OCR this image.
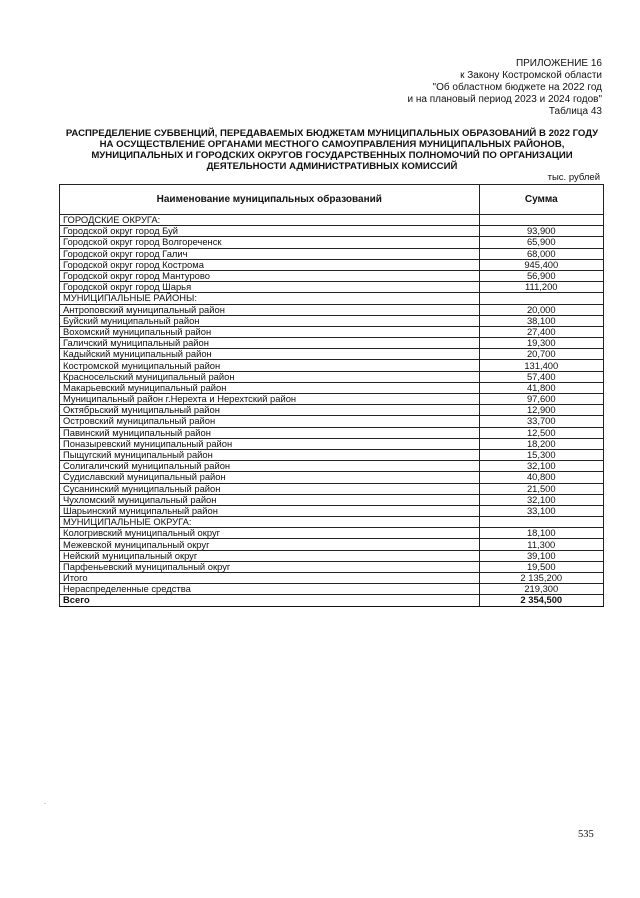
ПРИЛОЖЕНИЕ 16
к Закону Костромской области
"Об областном бюджете на 2022 год
и на плановый период 2023 и 2024 годов"
Таблица 43
РАСПРЕДЕЛЕНИЕ СУБВЕНЦИЙ, ПЕРЕДАВАЕМЫХ БЮДЖЕТАМ МУНИЦИПАЛЬНЫХ ОБРАЗОВАНИЙ В 2022 ГОДУ
НА ОСУЩЕСТВЛЕНИЕ ОРГАНАМИ МЕСТНОГО САМОУПРАВЛЕНИЯ МУНИЦИПАЛЬНЫХ РАЙОНОВ,
МУНИЦИПАЛЬНЫХ И ГОРОДСКИХ ОКРУГОВ ГОСУДАРСТВЕННЫХ ПОЛНОМОЧИЙ ПО ОРГАНИЗАЦИИ
ДЕЯТЕЛЬНОСТИ АДМИНИСТРАТИВНЫХ КОМИССИЙ
тыс. рублей
Наименование муниципальных образований	Сумма
ГОРОДСКИЕ ОКРУГА:	
Городской округ город Буй	93,900
Городской округ город Волгореченск	65,900
Городской округ город Галич	68,000
Городской округ город Кострома	945,400
Городской округ город Мантурово	56,900
Городской округ город Шарья	111,200
МУНИЦИПАЛЬНЫЕ РАЙОНЫ:	
Антроповский муниципальный район	20,000
Буйский муниципальный район	38,100
Вохомский муниципальный район	27,400
Галичский муниципальный район	19,300
Кадыйский муниципальный район	20,700
Костромской муниципальный район	131,400
Красносельский муниципальный район	57,400
Макарьевский муниципальный район	41,800
Муниципальный район г.Нерехта и Нерехтский район	97,600
Октябрьский муниципальный район	12,900
Островский муниципальный район	33,700
Павинский муниципальный район	12,500
Поназыревский муниципальный район	18,200
Пыщугский муниципальный район	15,300
Солигаличский муниципальный район	32,100
Судиславский муниципальный район	40,800
Сусанинский муниципальный район	21,500
Чухломский муниципальный район	32,100
Шарьинский муниципальный район	33,100
МУНИЦИПАЛЬНЫЕ ОКРУГА:	
Кологривский муниципальный округ	18,100
Межевской муниципальный округ	11,300
Нейский муниципальный округ	39,100
Парфеньевский муниципальный округ	19,500
Итого	2 135,200
Нераспределенные средства	219,300
Всего	2 354,500
·
535
